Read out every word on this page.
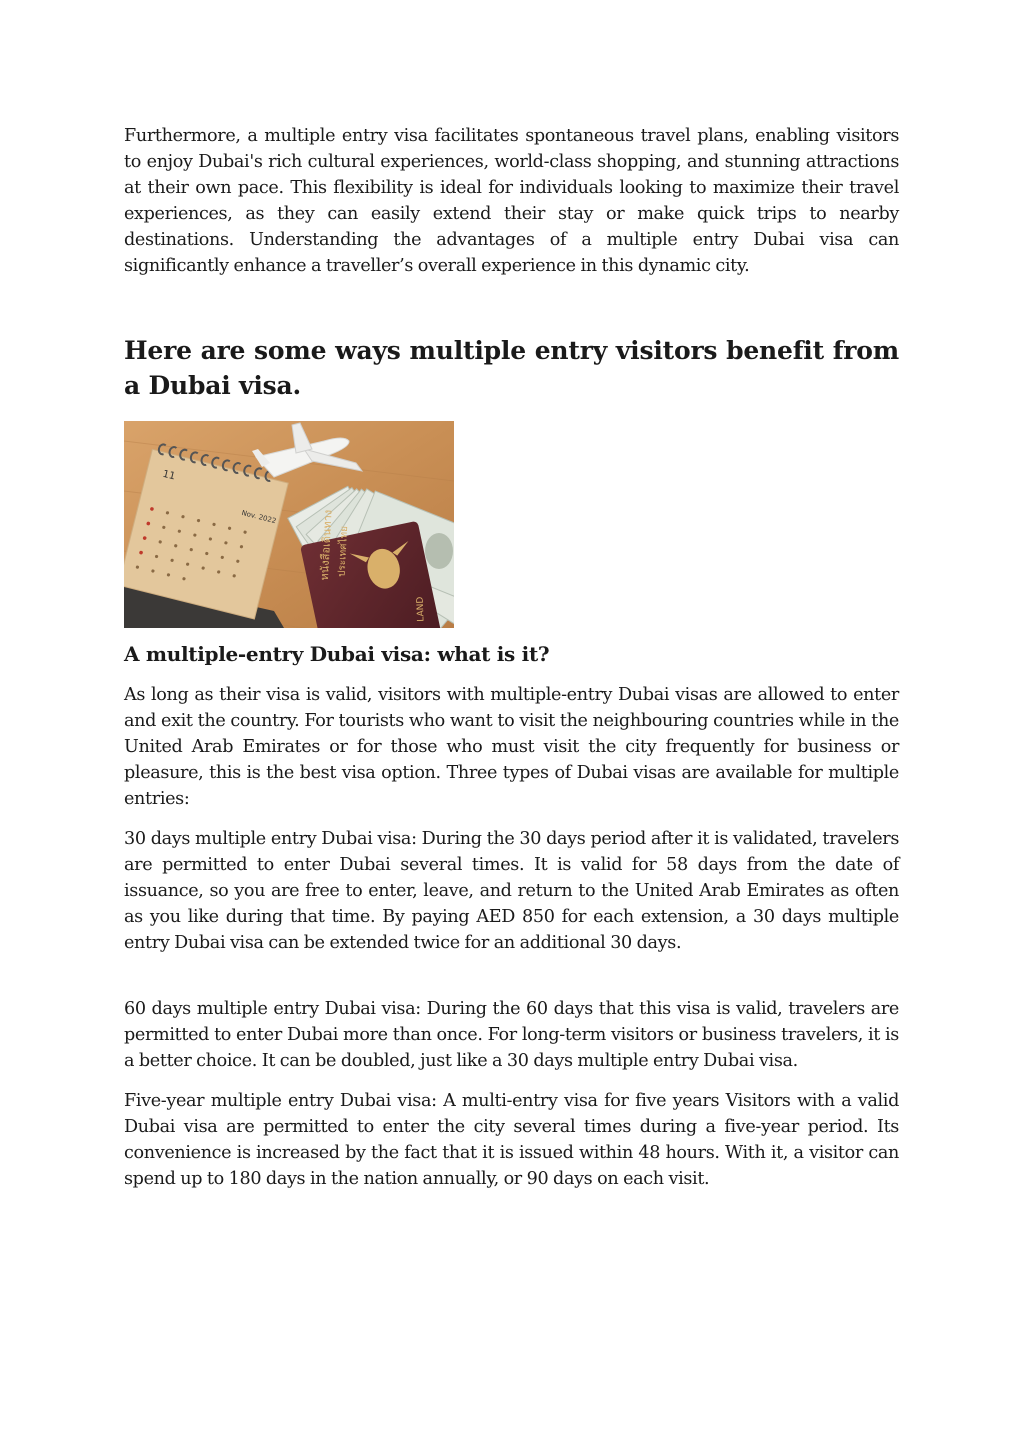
Furthermore, a multiple entry visa facilitates spontaneous travel plans, enabling visitors to enjoy Dubai's rich cultural experiences, world-class shopping, and stunning attractions at their own pace. This flexibility is ideal for individuals looking to maximize their travel experiences, as they can easily extend their stay or make quick trips to nearby destinations. Understanding the advantages of a multiple entry Dubai visa can significantly enhance a traveller’s overall experience in this dynamic city.

Here are some ways multiple entry visitors benefit from a Dubai visa.
11
Nov. 2022	หนังสือเดินทาง ประเทศไทย
LAND
A multiple-entry Dubai visa: what is it?

As long as their visa is valid, visitors with multiple-entry Dubai visas are allowed to enter and exit the country. For tourists who want to visit the neighbouring countries while in the United Arab Emirates or for those who must visit the city frequently for business or pleasure, this is the best visa option. Three types of Dubai visas are available for multiple entries:

30 days multiple entry Dubai visa: During the 30 days period after it is validated, travelers are permitted to enter Dubai several times. It is valid for 58 days from the date of issuance, so you are free to enter, leave, and return to the United Arab Emirates as often as you like during that time. By paying AED 850 for each extension, a 30 days multiple entry Dubai visa can be extended twice for an additional 30 days.

60 days multiple entry Dubai visa: During the 60 days that this visa is valid, travelers are permitted to enter Dubai more than once. For long-term visitors or business travelers, it is a better choice. It can be doubled, just like a 30 days multiple entry Dubai visa.

Five-year multiple entry Dubai visa: A multi-entry visa for five years Visitors with a valid Dubai visa are permitted to enter the city several times during a five-year period. Its convenience is increased by the fact that it is issued within 48 hours. With it, a visitor can spend up to 180 days in the nation annually, or 90 days on each visit.
